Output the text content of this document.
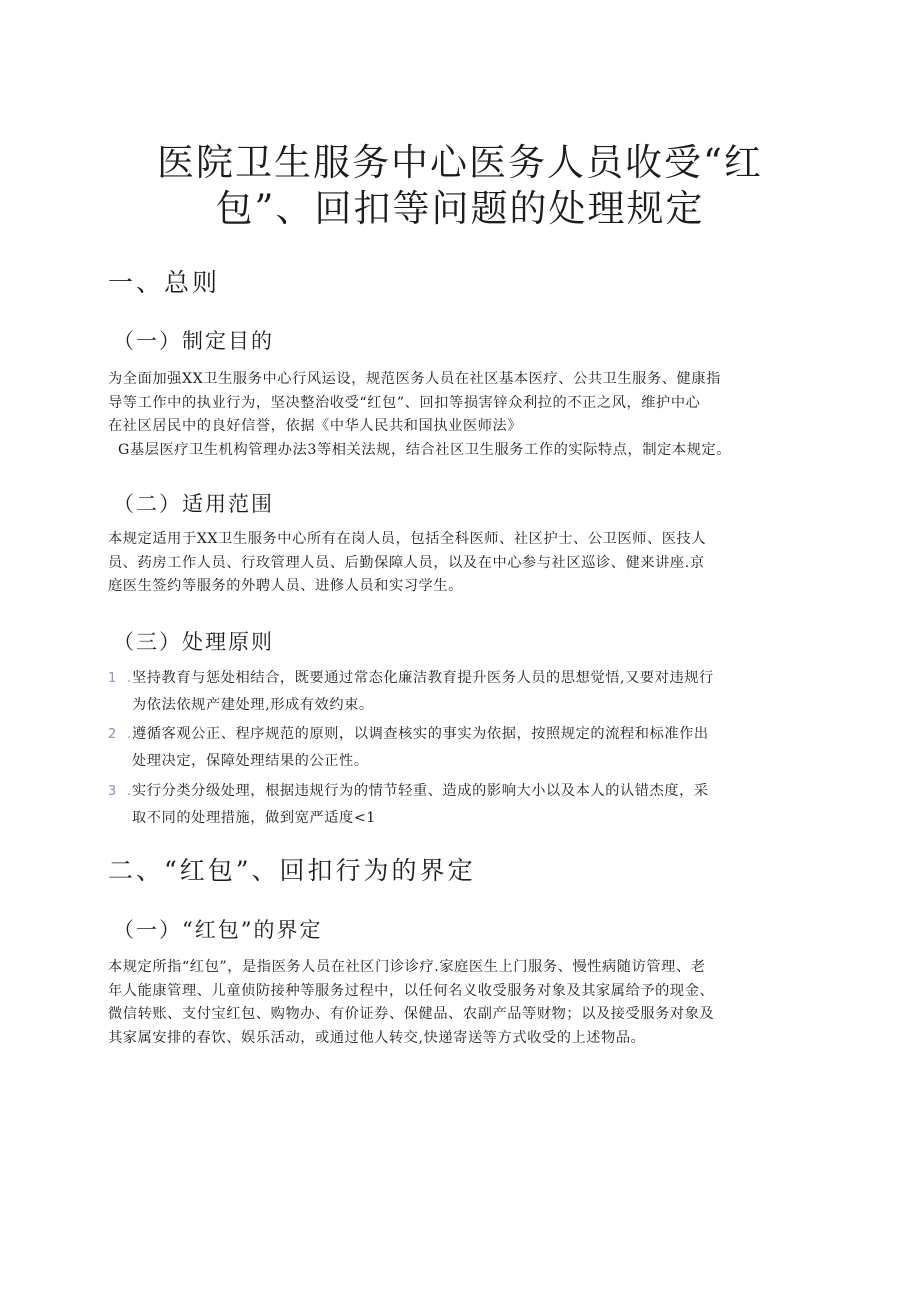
医院卫生服务中心医务人员收受“红
包”、回扣等问题的处理规定
一、总则
（一）制定目的

为全面加强XX卫生服务中心行风运设，规范医务人员在社区基本医疗、公共卫生服务、健康指
导等工作中的执业行为，坚决整治收受“红包”、回扣等损害锌众利拉的不正之风，维护中心
在社区居民中的良好信誉，依据《中华人民共和国执业医师法》
G基层医疗卫生机构管理办法3等相关法规，结合社区卫生服务工作的实际特点，制定本规定。

（二）适用范围

本规定适用于XX卫生服务中心所有在岗人员，包括全科医师、社区护士、公卫医师、医技人
员、药房工作人员、行玫管理人员、后勤保障人员，以及在中心参与社区巡诊、健来讲座.京
庭医生签约等服务的外聘人员、进修人员和实习学生。

（三）处理原则
1 . 坚持教育与惩处相结合，既要通过常态化廉洁教育提升医务人员的思想觉悟,又要对违规行
为依法依规产建处理,形成有效约束。
2 . 遵循客观公正、程序规范的原则，以调查核实的事实为依据，按照规定的流程和标准作出
处理决定，保障处理结果的公正性。
3 . 实行分类分级处理，根据违规行为的情节轻重、造成的影响大小以及本人的认错杰度，采
取不同的处理措施，做到宽严适度<1
二、“红包”、回扣行为的界定
（一）“红包”的界定

本规定所指“红包”，是指医务人员在社区门诊诊疗.家庭医生上门服务、慢性病随访管理、老
年人能康管理、儿童侦防接种等服务过程中，以任何名义收受服务对象及其家属给予的现金、
微信转账、支付宝红包、购物办、有价证券、保健品、农副产品等财物；以及接受服务对象及
其家属安排的春饮、娱乐活动，或通过他人转交,快递寄送等方式收受的上述物品。
